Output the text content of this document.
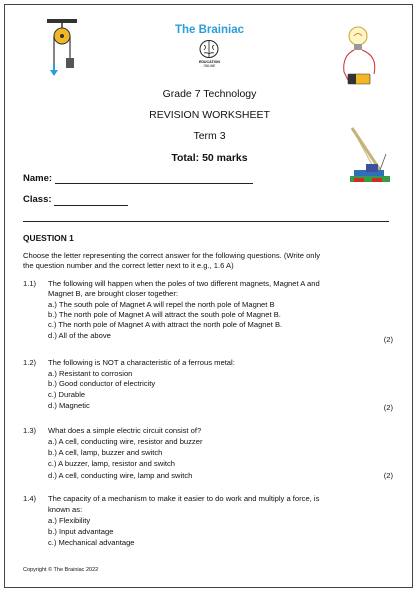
The Brainiac
EDUCATION
ONLINE
Grade 7 Technology
REVISION WORKSHEET
Term 3
Total: 50 marks
Name:
Class:
QUESTION 1
Choose the letter representing the correct answer for the following questions. (Write only
the question number and the correct letter next to it e.g., 1.6 A)
1.1) The following will happen when the poles of two different magnets, Magnet A and
Magnet B, are brought closer together:
a.) The south pole of Magnet A will repel the north pole of Magnet B
b.) The north pole of Magnet A will attract the south pole of Magnet B.
c.) The north pole of Magnet A with attract the north pole of Magnet B.
d.) All of the above	(2)
1.2) The following is NOT a characteristic of a ferrous metal:
a.) Resistant to corrosion
b.) Good conductor of electricity
c.) Durable
d.) Magnetic	(2)
1.3) What does a simple electric circuit consist of?
a.) A cell, conducting wire, resistor and buzzer
b.) A cell, lamp, buzzer and switch
c.) A buzzer, lamp, resistor and switch
d.) A cell, conducting wire, lamp and switch	(2)
1.4) The capacity of a mechanism to make it easier to do work and multiply a force, is
known as:
a.) Flexibility
b.) Input advantage
c.) Mechanical advantage
Copyright © The Brainiac 2022
